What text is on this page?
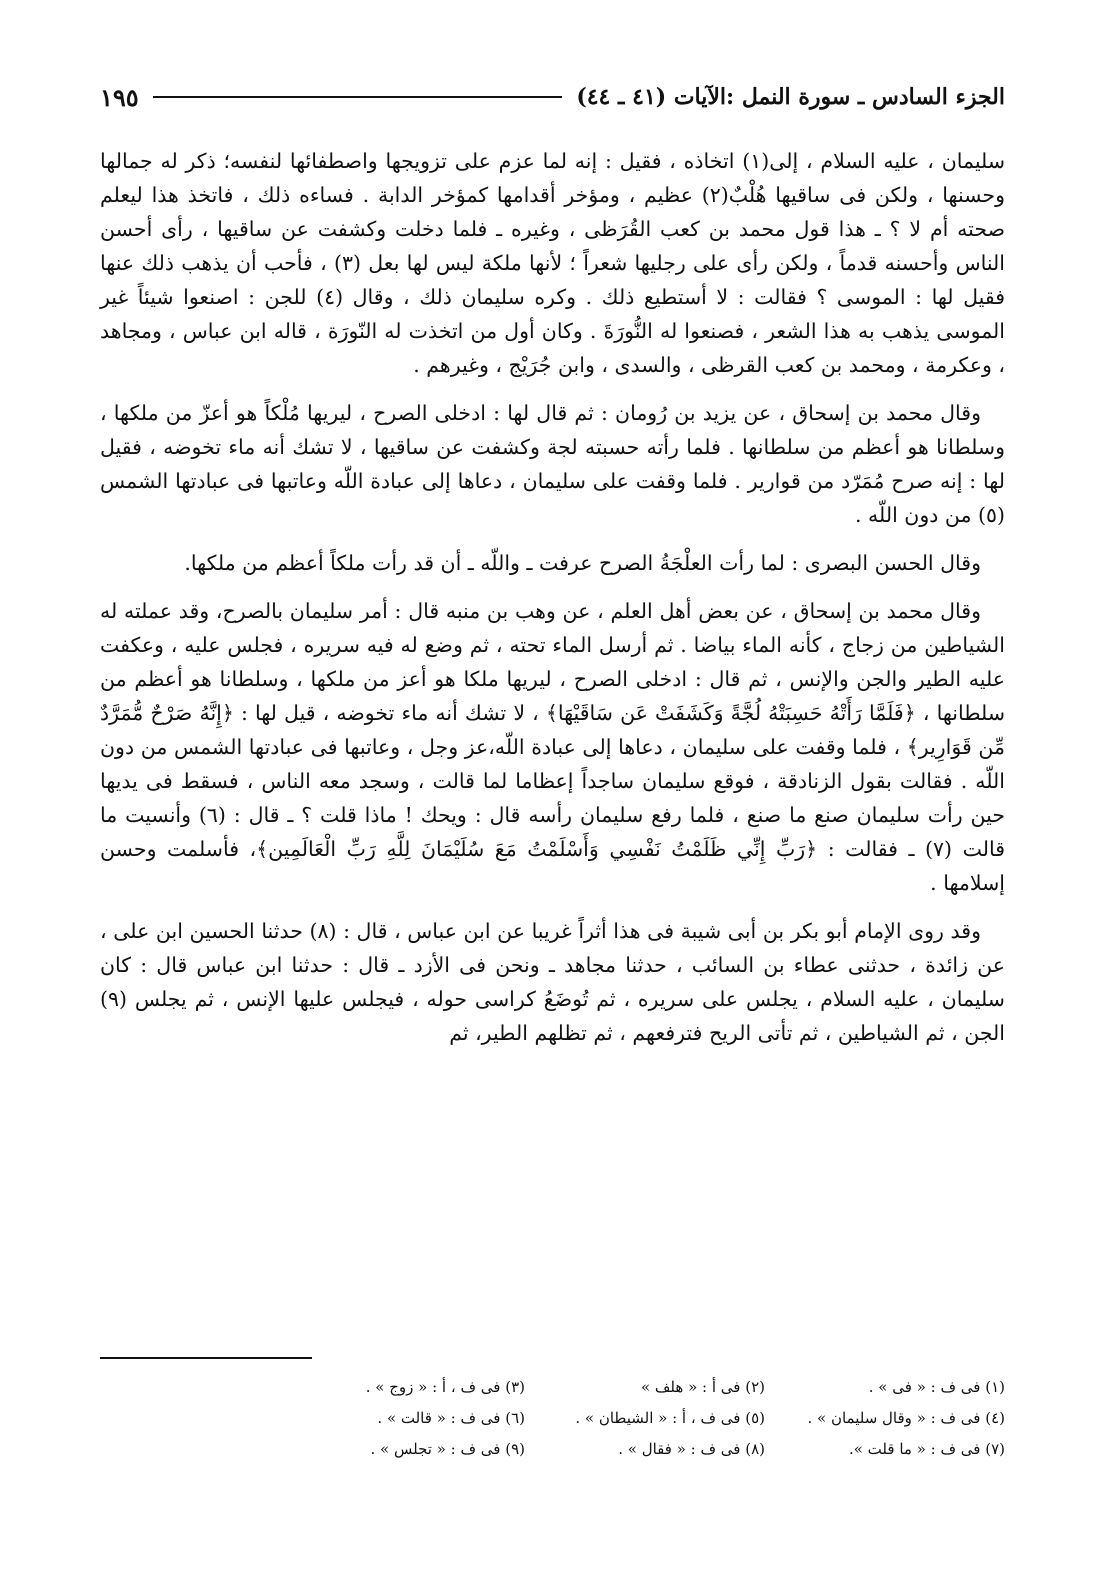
الجزء السادس ـ سورة النمل :الآيات (٤١ ـ ٤٤)
١٩٥

سليمان ، عليه السلام ، إلى(١) اتخاذه ، فقيل : إنه لما عزم على تزويجها واصطفائها لنفسه؛ ذكر له جمالها وحسنها ، ولكن فى ساقيها هُلْبٌ(٢) عظيم ، ومؤخر أقدامها كمؤخر الدابة . فساءه ذلك ، فاتخذ هذا ليعلم صحته أم لا ؟ ـ هذا قول محمد بن كعب القُرَظى ، وغيره ـ فلما دخلت وكشفت عن ساقيها ، رأى أحسن الناس وأحسنه قدماً ، ولكن رأى على رجليها شعراً ؛ لأنها ملكة ليس لها بعل (٣) ، فأحب أن يذهب ذلك عنها فقيل لها : الموسى ؟ فقالت : لا أستطيع ذلك . وكره سليمان ذلك ، وقال (٤) للجن : اصنعوا شيئاً غير الموسى يذهب به هذا الشعر ، فصنعوا له النُّورَةَ . وكان أول من اتخذت له النّورَة ، قاله ابن عباس ، ومجاهد ، وعكرمة ، ومحمد بن كعب القرظى ، والسدى ، وابن جُرَيْج ، وغيرهم .

وقال محمد بن إسحاق ، عن يزيد بن رُومان : ثم قال لها : ادخلى الصرح ، ليريها مُلْكاً هو أعزّ من ملكها ، وسلطانا هو أعظم من سلطانها . فلما رأته حسبته لجة وكشفت عن ساقيها ، لا تشك أنه ماء تخوضه ، فقيل لها : إنه صرح مُمَرّد من قوارير . فلما وقفت على سليمان ، دعاها إلى عبادة اللّه وعاتبها فى عبادتها الشمس (٥) من دون اللّه .

وقال الحسن البصرى : لما رأت العلْجَةُ الصرح عرفت ـ واللّه ـ أن قد رأت ملكاً أعظم من ملكها.

وقال محمد بن إسحاق ، عن بعض أهل العلم ، عن وهب بن منبه قال : أمر سليمان بالصرح، وقد عملته له الشياطين من زجاج ، كأنه الماء بياضا . ثم أرسل الماء تحته ، ثم وضع له فيه سريره ، فجلس عليه ، وعكفت عليه الطير والجن والإنس ، ثم قال : ادخلى الصرح ، ليريها ملكا هو أعز من ملكها ، وسلطانا هو أعظم من سلطانها ، ﴿فَلَمَّا رَأَتْهُ حَسِبَتْهُ لُجَّةً وَكَشَفَتْ عَن سَاقَيْهَا﴾ ، لا تشك أنه ماء تخوضه ، قيل لها : ﴿إِنَّهُ صَرْحٌ مُّمَرَّدٌ مِّن قَوَارِير﴾ ، فلما وقفت على سليمان ، دعاها إلى عبادة اللّه،عز وجل ، وعاتبها فى عبادتها الشمس من دون اللّه . فقالت بقول الزنادقة ، فوقع سليمان ساجداً إعظاما لما قالت ، وسجد معه الناس ، فسقط فى يديها حين رأت سليمان صنع ما صنع ، فلما رفع سليمان رأسه قال : ويحك ! ماذا قلت ؟ ـ قال : (٦) وأنسيت ما قالت (٧) ـ فقالت : ﴿رَبِّ إِنِّي ظَلَمْتُ نَفْسِي وَأَسْلَمْتُ مَعَ سُلَيْمَانَ لِلَّهِ رَبِّ الْعَالَمِين﴾، فأسلمت وحسن إسلامها .

وقد روى الإمام أبو بكر بن أبى شيبة فى هذا أثراً غريبا عن ابن عباس ، قال : (٨) حدثنا الحسين ابن على ، عن زائدة ، حدثنى عطاء بن السائب ، حدثنا مجاهد ـ ونحن فى الأزد ـ قال : حدثنا ابن عباس قال : كان سليمان ، عليه السلام ، يجلس على سريره ، ثم تُوضَعُ كراسى حوله ، فيجلس عليها الإنس ، ثم يجلس (٩) الجن ، ثم الشياطين ، ثم تأتى الريح فترفعهم ، ثم تظلهم الطير، ثم

(١) فى ف : « فى » .
(٢) فى أ : « هلف »
(٣) فى ف ، أ : « زوج » .
(٤) فى ف : « وقال سليمان » .
(٥) فى ف ، أ : « الشيطان » .
(٦) فى ف : « قالت » .
(٧) فى ف : « ما قلت ».
(٨) فى ف : « فقال » .
(٩) فى ف : « تجلس » .
